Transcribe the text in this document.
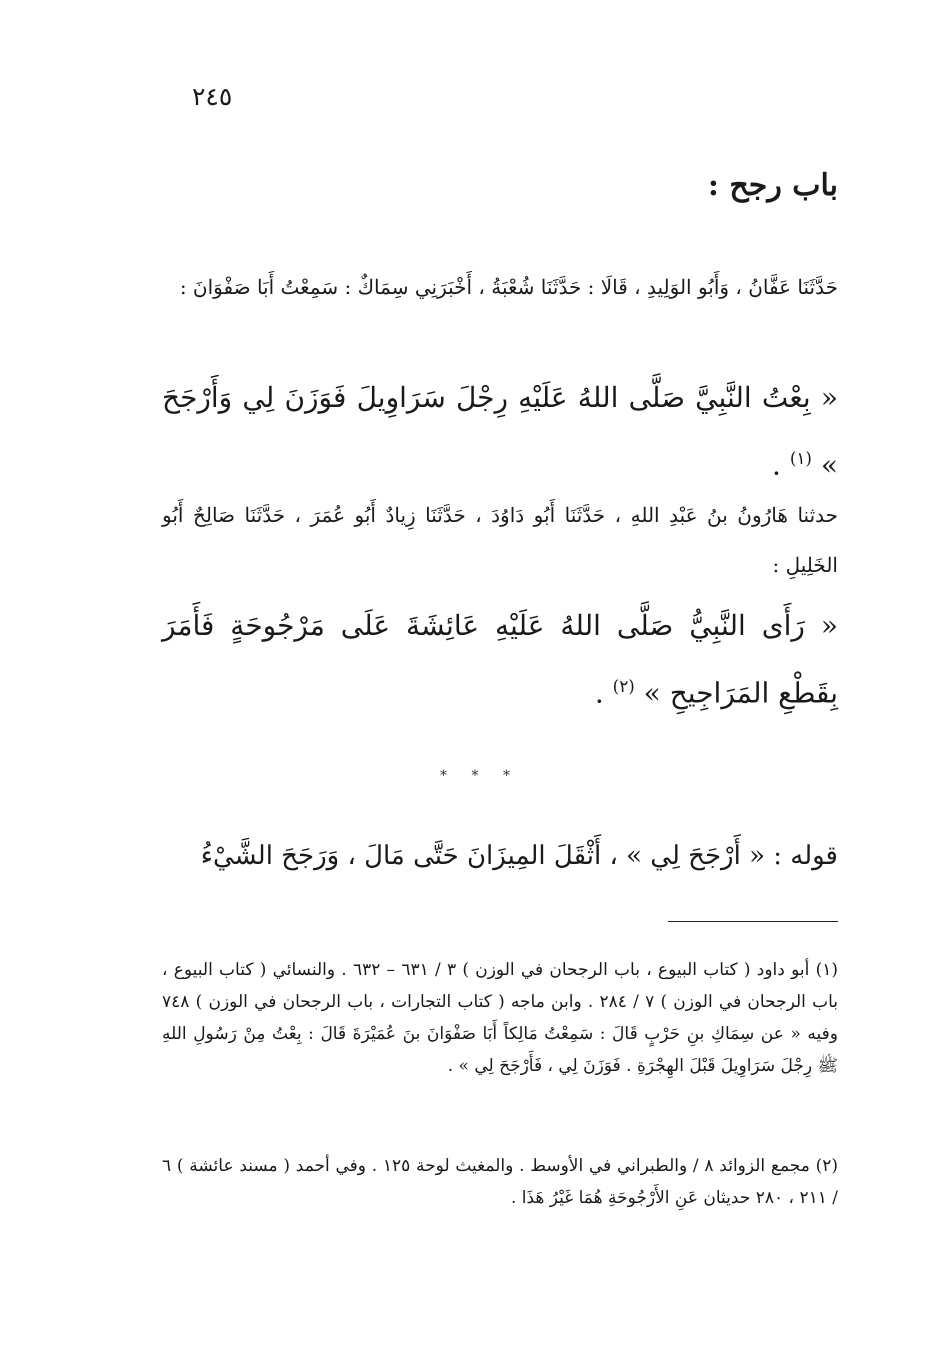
٢٤٥
باب رجح :
حَدَّثَنَا عَفَّانُ ، وَأَبُو الوَلِيدِ ، قَالَا : حَدَّثَنَا شُعْبَةُ ، أَخْبَرَنِي سِمَاكٌ : سَمِعْتُ أَبَا صَفْوَانَ :
« بِعْتُ النَّبِيَّ صَلَّى اللهُ عَلَيْهِ رِجْلَ سَرَاوِيلَ فَوَزَنَ لِي وَأَرْجَحَ » $^{(١)}$ .
حدثنا هَارُونُ بنُ عَبْدِ اللهِ ، حَدَّثَنَا أَبُو دَاوُدَ ، حَدَّثَنَا زِيادٌ أَبُو عُمَرَ ، حَدَّثَنَا صَالِحٌ أَبُو الخَلِيلِ :
« رَأَى النَّبِيُّ صَلَّى اللهُ عَلَيْهِ عَائِشَةَ عَلَى مَرْجُوحَةٍ فَأَمَرَ بِقَطْعِ المَرَاجِيحِ » $^{(٢)}$ .
* * *
قوله : « أَرْجَحَ لِي » ، أَثْقَلَ المِيزَانَ حَتَّى مَالَ ، وَرَجَحَ الشَّيْءُ
(١) أبو داود ( كتاب البيوع ، باب الرجحان في الوزن ) ٣ / ٦٣١ – ٦٣٢ . والنسائي ( كتاب البيوع ، باب الرجحان في الوزن ) ٧ / ٢٨٤ . وابن ماجه ( كتاب التجارات ، باب الرجحان في الوزن ) ٧٤٨ وفيه « عن سِمَاكِ بنِ حَرْبٍ قَالَ : سَمِعْتُ مَالِكاً أَبَا صَفْوَانَ بنَ عُمَيْرَةَ قَالَ : بِعْتُ مِنْ رَسُولِ اللهِ ﷺ رِجْلَ سَرَاوِيلَ قَبْلَ الهِجْرَةِ . فَوَزَنَ لِي ، فَأَرْجَحَ لِي » .
(٢) مجمع الزوائد ٨ / والطبراني في الأوسط . والمغيث لوحة ١٢٥ . وفي أحمد ( مسند عائشة ) ٦ / ٢١١ ، ٢٨٠ حديثان عَنِ الأَرْجُوحَةِ هُمَا غَيْرُ هَذَا .
